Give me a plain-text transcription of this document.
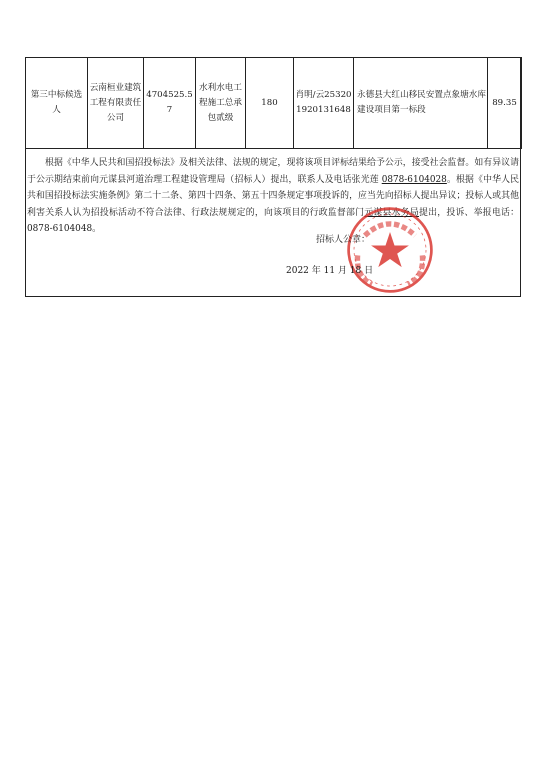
第三中标候选人	云南桓业建筑工程有限责任公司	4704525.57	水利水电工程施工总承包贰级	180	肖明/云253201920131648	永德县大红山移民安置点象塘水库建设项目第一标段	89.35

根据《中华人民共和国招投标法》及相关法律、法规的规定，现将该项目评标结果给予公示，接受社会监督。如有异议请于公示期结束前向元谋县河道治理工程建设管理局（招标人）提出，联系人及电话张光莲 0878-6104028。根据《中华人民共和国招投标法实施条例》第二十二条、第四十四条、第五十四条规定事项投诉的，应当先向招标人提出异议；投标人或其他利害关系人认为招投标活动不符合法律、行政法规规定的，向该项目的行政监督部门元谋县水务局提出，投诉、举报电话：0878-6104048。

招标人公章：
2022 年 11 月 18 日
